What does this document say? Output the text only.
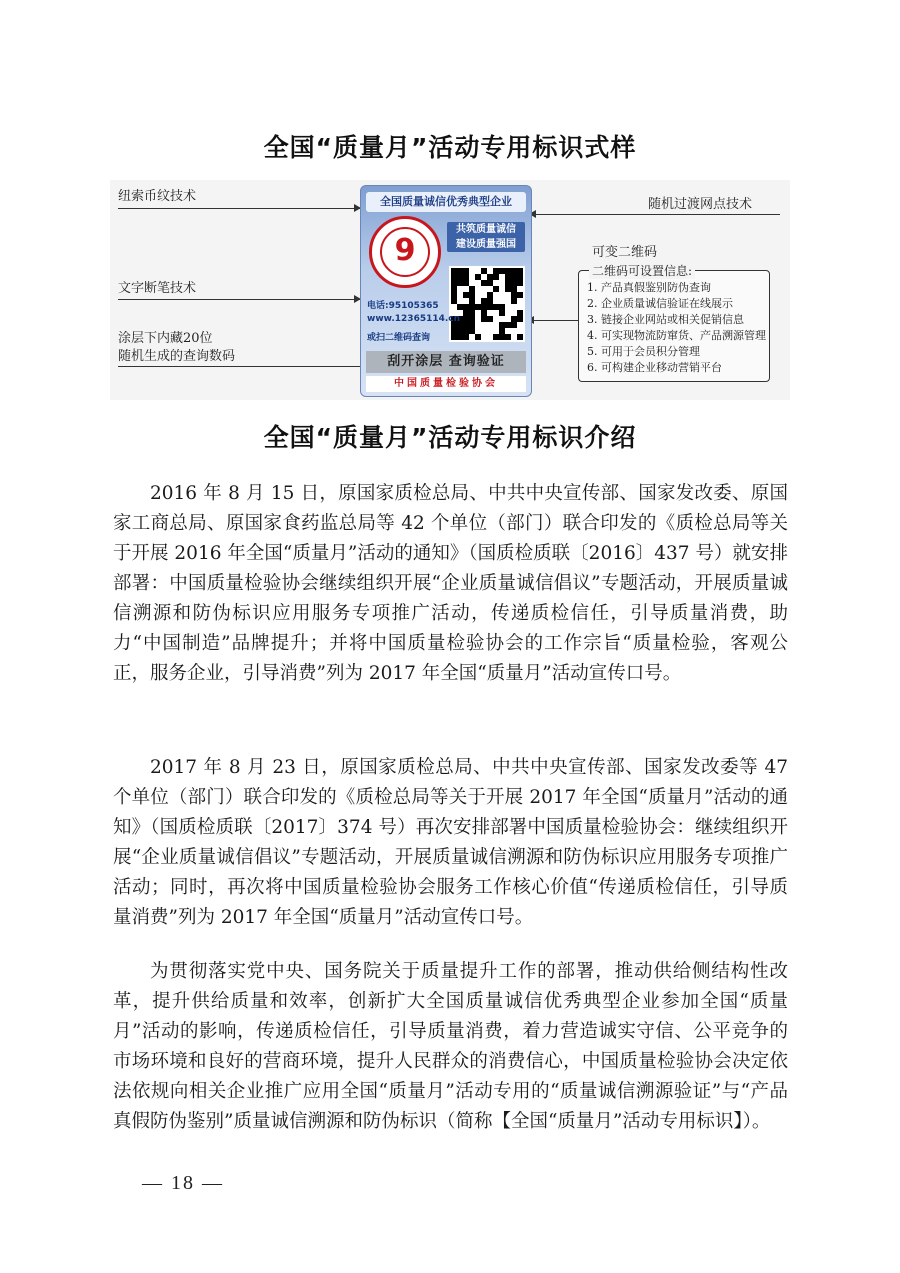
全国“质量月”活动专用标识式样
纽索币纹技术
文字断笔技术
涂层下内藏20位
随机生成的查询数码
随机过渡网点技术
可变二维码
全国质量诚信优秀典型企业
9
共筑质量诚信
建设质量强国
电话:95105365
www.12365114.cn
或扫二维码查询
刮开涂层 查询验证
中国质量检验协会
二维码可设置信息:
1. 产品真假鉴别防伪查询
2. 企业质量诚信验证在线展示
3. 链接企业网站或相关促销信息
4. 可实现物流防窜货、产品溯源管理
5. 可用于会员积分管理
6. 可构建企业移动营销平台
全国“质量月”活动专用标识介绍

2016 年 8 月 15 日，原国家质检总局、中共中央宣传部、国家发改委、原国家工商总局、原国家食药监总局等 42 个单位（部门）联合印发的《质检总局等关于开展 2016 年全国“质量月”活动的通知》（国质检质联〔2016〕437 号）就安排部署：中国质量检验协会继续组织开展“企业质量诚信倡议”专题活动，开展质量诚信溯源和防伪标识应用服务专项推广活动，传递质检信任，引导质量消费，助力“中国制造”品牌提升；并将中国质量检验协会的工作宗旨“质量检验，客观公正，服务企业，引导消费”列为 2017 年全国“质量月”活动宣传口号。

2017 年 8 月 23 日，原国家质检总局、中共中央宣传部、国家发改委等 47 个单位（部门）联合印发的《质检总局等关于开展 2017 年全国“质量月”活动的通知》（国质检质联〔2017〕374 号）再次安排部署中国质量检验协会：继续组织开展“企业质量诚信倡议”专题活动，开展质量诚信溯源和防伪标识应用服务专项推广活动；同时，再次将中国质量检验协会服务工作核心价值“传递质检信任，引导质量消费”列为 2017 年全国“质量月”活动宣传口号。

为贯彻落实党中央、国务院关于质量提升工作的部署，推动供给侧结构性改革，提升供给质量和效率，创新扩大全国质量诚信优秀典型企业参加全国“质量月”活动的影响，传递质检信任，引导质量消费，着力营造诚实守信、公平竞争的市场环境和良好的营商环境，提升人民群众的消费信心，中国质量检验协会决定依法依规向相关企业推广应用全国“质量月”活动专用的“质量诚信溯源验证”与“产品真假防伪鉴别”质量诚信溯源和防伪标识（简称【全国“质量月”活动专用标识】）。

— 18 —
